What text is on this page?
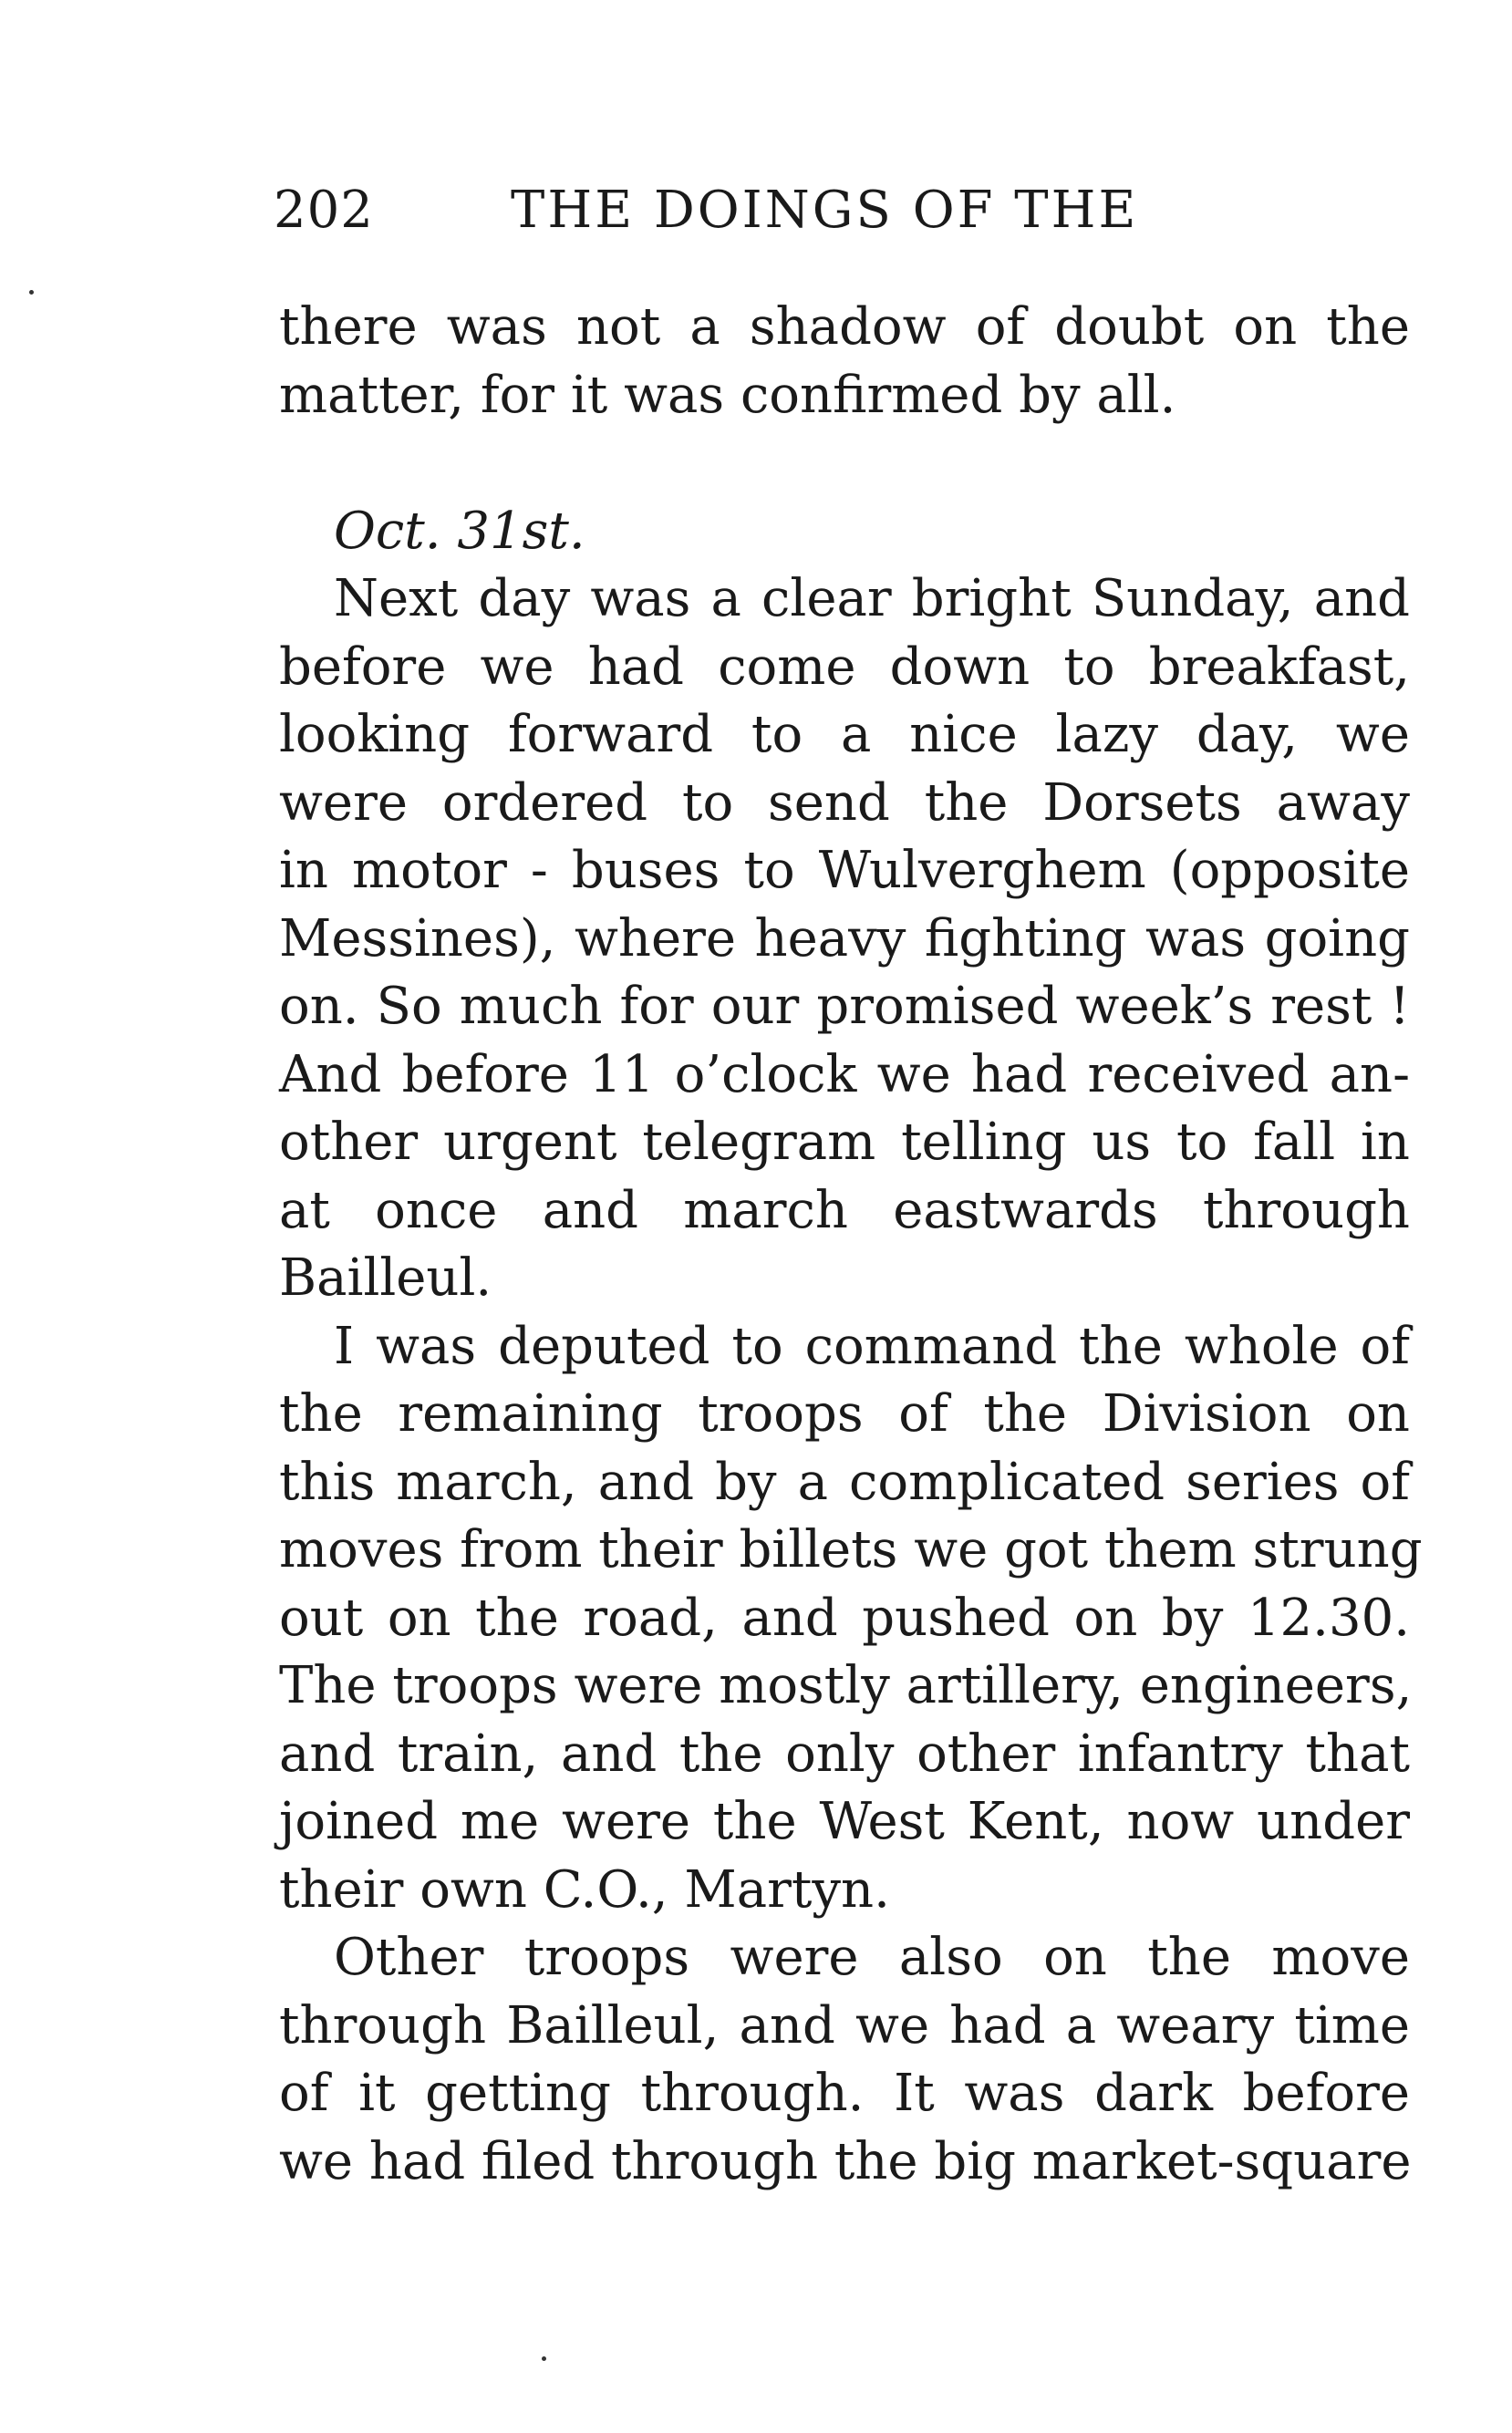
202	THE DOINGS OF THE
there was not a shadow of doubt on the
matter, for it was confirmed by all.
Oct. 31st.
Next day was a clear bright Sunday, and
before we had come down to breakfast,
looking forward to a nice lazy day, we
were ordered to send the Dorsets away
in motor - buses to Wulverghem (opposite
Messines), where heavy fighting was going
on. So much for our promised week’s rest !
And before 11 o’clock we had received an-
other urgent telegram telling us to fall in
at once and march eastwards through
Bailleul.
I was deputed to command the whole of
the remaining troops of the Division on
this march, and by a complicated series of
moves from their billets we got them strung
out on the road, and pushed on by 12.30.
The troops were mostly artillery, engineers,
and train, and the only other infantry that
joined me were the West Kent, now under
their own C.O., Martyn.
Other troops were also on the move
through Bailleul, and we had a weary time
of it getting through. It was dark before
we had filed through the big market-square
